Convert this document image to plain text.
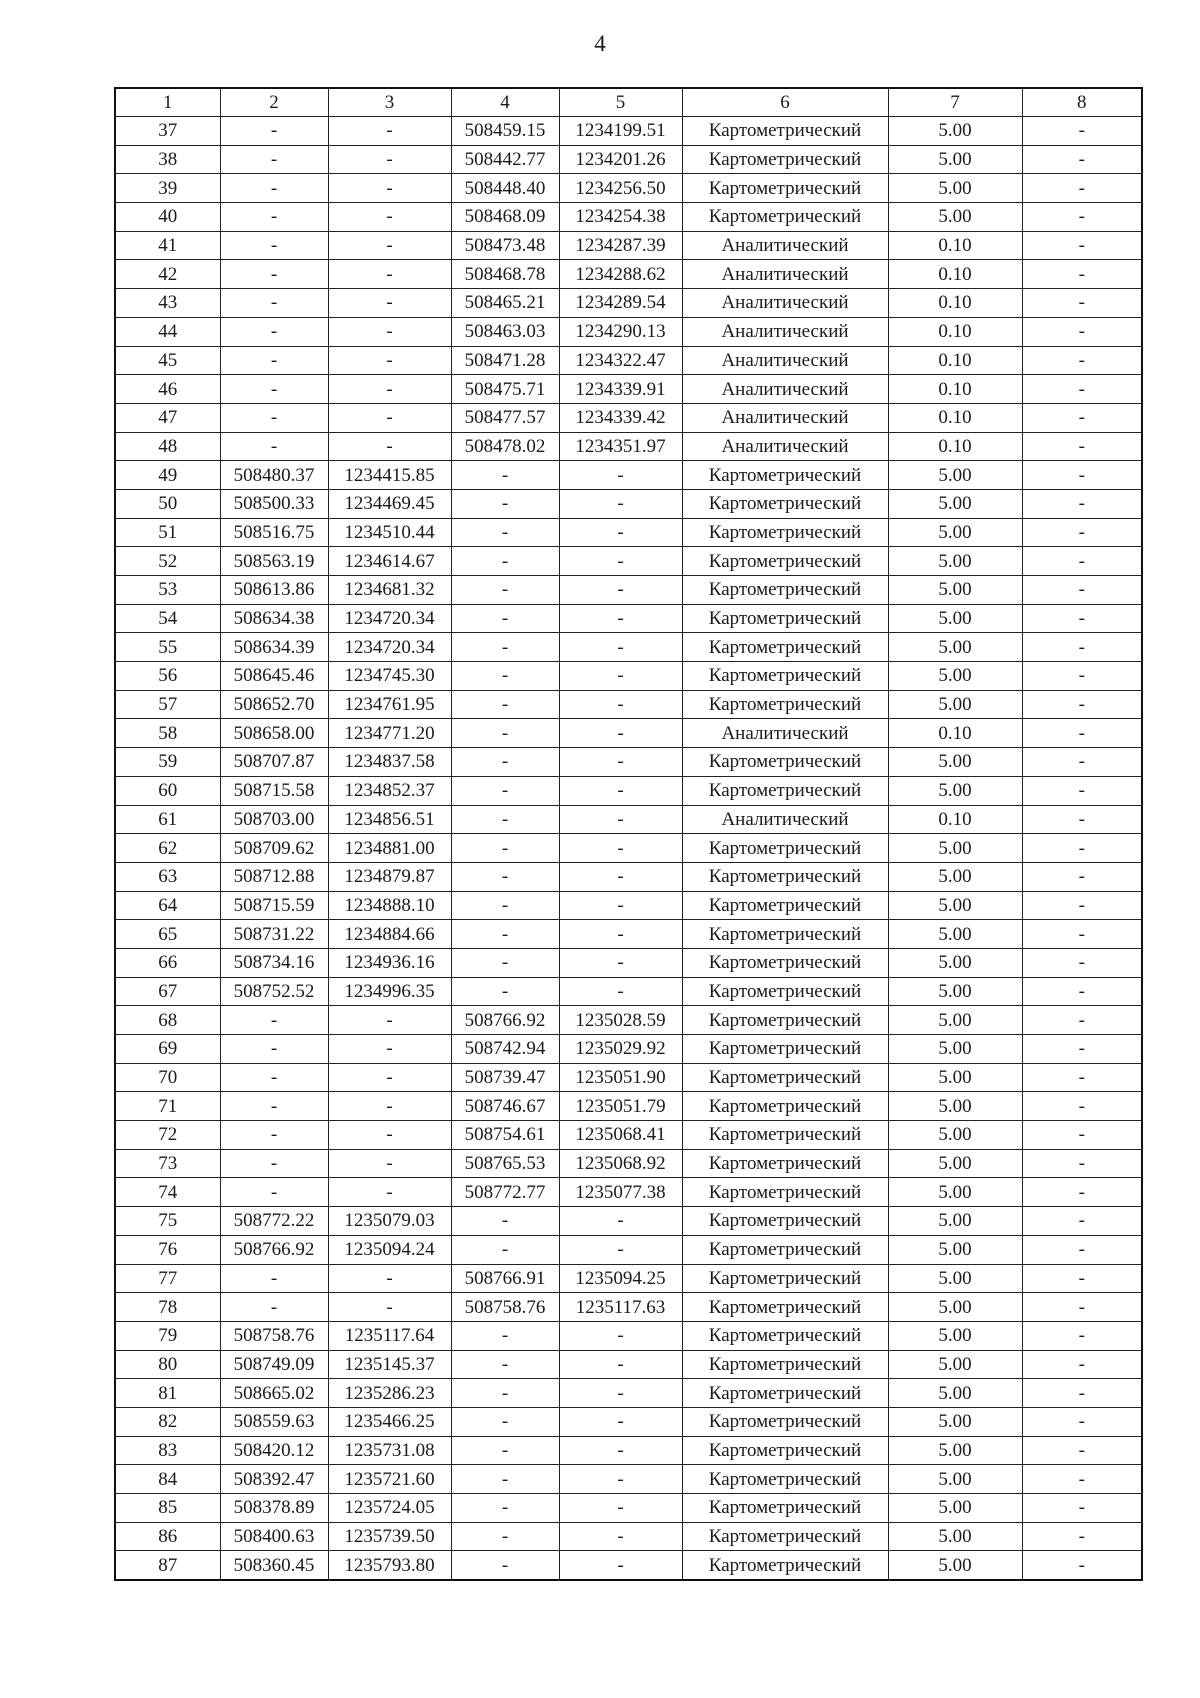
4
1	2	3	4	5	6	7	8
37	-	-	508459.15	1234199.51	Картометрический	5.00	-
38	-	-	508442.77	1234201.26	Картометрический	5.00	-
39	-	-	508448.40	1234256.50	Картометрический	5.00	-
40	-	-	508468.09	1234254.38	Картометрический	5.00	-
41	-	-	508473.48	1234287.39	Аналитический	0.10	-
42	-	-	508468.78	1234288.62	Аналитический	0.10	-
43	-	-	508465.21	1234289.54	Аналитический	0.10	-
44	-	-	508463.03	1234290.13	Аналитический	0.10	-
45	-	-	508471.28	1234322.47	Аналитический	0.10	-
46	-	-	508475.71	1234339.91	Аналитический	0.10	-
47	-	-	508477.57	1234339.42	Аналитический	0.10	-
48	-	-	508478.02	1234351.97	Аналитический	0.10	-
49	508480.37	1234415.85	-	-	Картометрический	5.00	-
50	508500.33	1234469.45	-	-	Картометрический	5.00	-
51	508516.75	1234510.44	-	-	Картометрический	5.00	-
52	508563.19	1234614.67	-	-	Картометрический	5.00	-
53	508613.86	1234681.32	-	-	Картометрический	5.00	-
54	508634.38	1234720.34	-	-	Картометрический	5.00	-
55	508634.39	1234720.34	-	-	Картометрический	5.00	-
56	508645.46	1234745.30	-	-	Картометрический	5.00	-
57	508652.70	1234761.95	-	-	Картометрический	5.00	-
58	508658.00	1234771.20	-	-	Аналитический	0.10	-
59	508707.87	1234837.58	-	-	Картометрический	5.00	-
60	508715.58	1234852.37	-	-	Картометрический	5.00	-
61	508703.00	1234856.51	-	-	Аналитический	0.10	-
62	508709.62	1234881.00	-	-	Картометрический	5.00	-
63	508712.88	1234879.87	-	-	Картометрический	5.00	-
64	508715.59	1234888.10	-	-	Картометрический	5.00	-
65	508731.22	1234884.66	-	-	Картометрический	5.00	-
66	508734.16	1234936.16	-	-	Картометрический	5.00	-
67	508752.52	1234996.35	-	-	Картометрический	5.00	-
68	-	-	508766.92	1235028.59	Картометрический	5.00	-
69	-	-	508742.94	1235029.92	Картометрический	5.00	-
70	-	-	508739.47	1235051.90	Картометрический	5.00	-
71	-	-	508746.67	1235051.79	Картометрический	5.00	-
72	-	-	508754.61	1235068.41	Картометрический	5.00	-
73	-	-	508765.53	1235068.92	Картометрический	5.00	-
74	-	-	508772.77	1235077.38	Картометрический	5.00	-
75	508772.22	1235079.03	-	-	Картометрический	5.00	-
76	508766.92	1235094.24	-	-	Картометрический	5.00	-
77	-	-	508766.91	1235094.25	Картометрический	5.00	-
78	-	-	508758.76	1235117.63	Картометрический	5.00	-
79	508758.76	1235117.64	-	-	Картометрический	5.00	-
80	508749.09	1235145.37	-	-	Картометрический	5.00	-
81	508665.02	1235286.23	-	-	Картометрический	5.00	-
82	508559.63	1235466.25	-	-	Картометрический	5.00	-
83	508420.12	1235731.08	-	-	Картометрический	5.00	-
84	508392.47	1235721.60	-	-	Картометрический	5.00	-
85	508378.89	1235724.05	-	-	Картометрический	5.00	-
86	508400.63	1235739.50	-	-	Картометрический	5.00	-
87	508360.45	1235793.80	-	-	Картометрический	5.00	-
